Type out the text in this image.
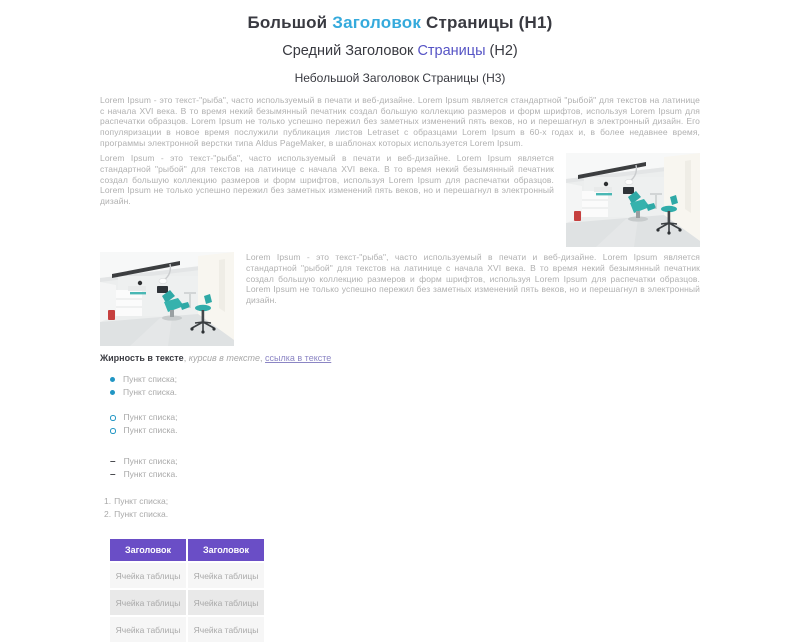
Большой Заголовок Страницы (H1)
Средний Заголовок Страницы (H2)
Небольшой Заголовок Страницы (H3)

Lorem Ipsum - это текст-"рыба", часто используемый в печати и веб-дизайне. Lorem Ipsum является стандартной "рыбой" для текстов на латинице с начала XVI века. В то время некий безымянный печатник создал большую коллекцию размеров и форм шрифтов, используя Lorem Ipsum для распечатки образцов. Lorem Ipsum не только успешно пережил без заметных изменений пять веков, но и перешагнул в электронный дизайн. Его популяризации в новое время послужили публикация листов Letraset с образцами Lorem Ipsum в 60-х годах и, в более недавнее время, программы электронной верстки типа Aldus PageMaker, в шаблонах которых используется Lorem Ipsum.

Lorem Ipsum - это текст-"рыба", часто используемый в печати и веб-дизайне. Lorem Ipsum является стандартной "рыбой" для текстов на латинице с начала XVI века. В то время некий безымянный печатник создал большую коллекцию размеров и форм шрифтов, используя Lorem Ipsum для распечатки образцов. Lorem Ipsum не только успешно пережил без заметных изменений пять веков, но и перешагнул в электронный дизайн.

Lorem Ipsum - это текст-"рыба", часто используемый в печати и веб-дизайне. Lorem Ipsum является стандартной "рыбой" для текстов на латинице с начала XVI века. В то время некий безымянный печатник создал большую коллекцию размеров и форм шрифтов, используя Lorem Ipsum для распечатки образцов. Lorem Ipsum не только успешно пережил без заметных изменений пять веков, но и перешагнул в электронный дизайн.

Жирность в тексте, курсив в тексте, ссылка в тексте

Пункт списка;
Пункт списка.
Пункт списка;
Пункт списка.
– Пункт списка;
– Пункт списка.
1. Пункт списка;
2. Пункт списка.
Заголовок	Заголовок
Ячейка таблицы	Ячейка таблицы
Ячейка таблицы	Ячейка таблицы
Ячейка таблицы	Ячейка таблицы
